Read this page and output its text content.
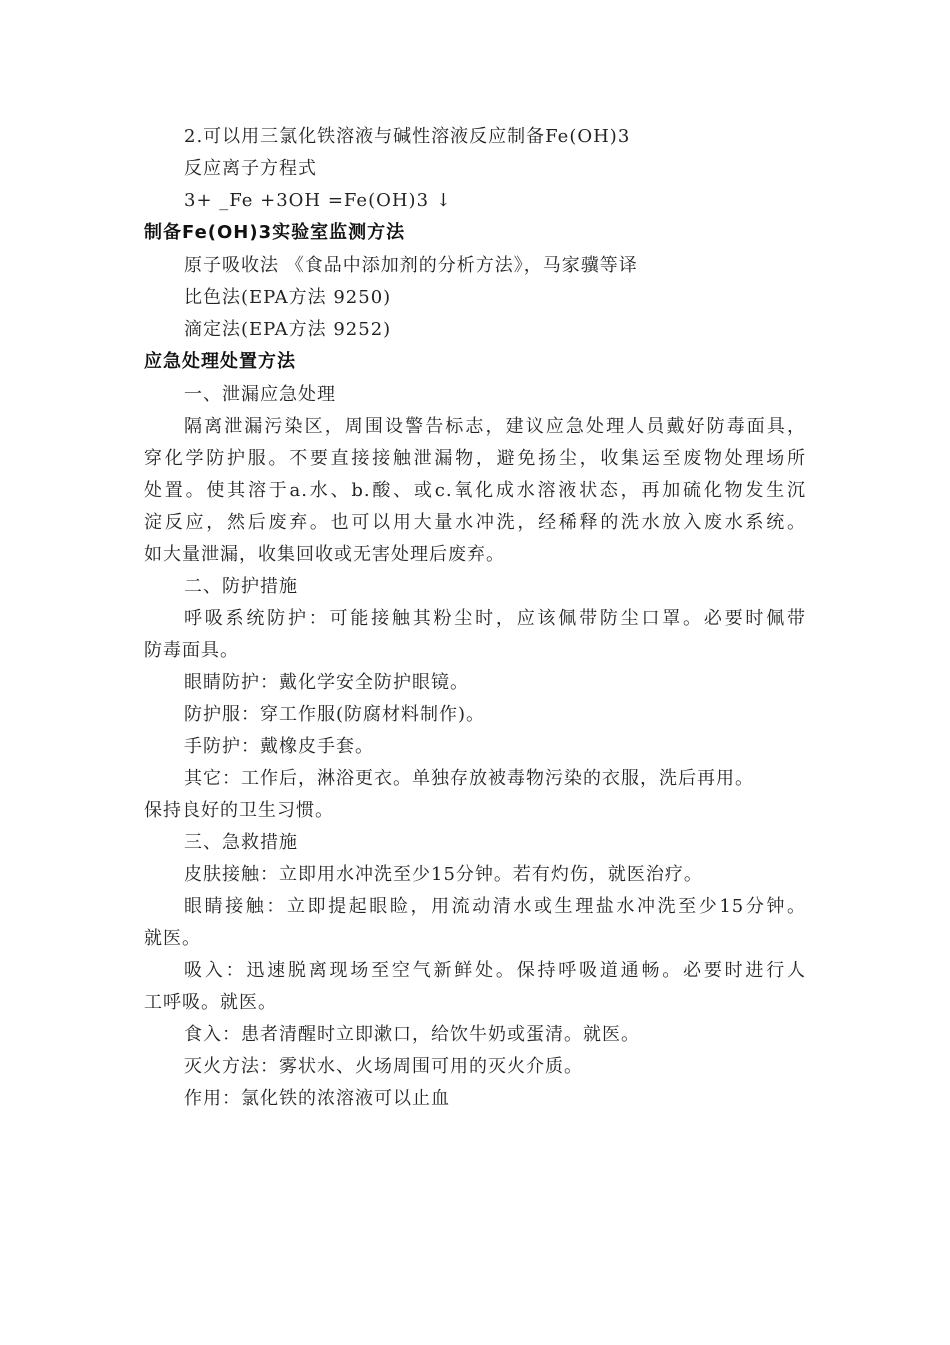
2.可以用三氯化铁溶液与碱性溶液反应制备Fe(OH)3
反应离子方程式
3+ _Fe +3OH =Fe(OH)3 ↓
制备Fe(OH)3实验室监测方法
原子吸收法 《食品中添加剂的分析方法》，马家骥等译
比色法(EPA方法 9250)
滴定法(EPA方法 9252)
应急处理处置方法
一、泄漏应急处理
隔离泄漏污染区，周围设警告标志，建议应急处理人员戴好防毒面具，
穿化学防护服。不要直接接触泄漏物，避免扬尘，收集运至废物处理场所
处置。使其溶于a.水、b.酸、或c.氧化成水溶液状态，再加硫化物发生沉
淀反应，然后废弃。也可以用大量水冲洗，经稀释的洗水放入废水系统。
如大量泄漏，收集回收或无害处理后废弃。
二、防护措施
呼吸系统防护：可能接触其粉尘时，应该佩带防尘口罩。必要时佩带
防毒面具。
眼睛防护：戴化学安全防护眼镜。
防护服：穿工作服(防腐材料制作)。
手防护：戴橡皮手套。
其它：工作后，淋浴更衣。单独存放被毒物污染的衣服，洗后再用。
保持良好的卫生习惯。
三、急救措施
皮肤接触：立即用水冲洗至少15分钟。若有灼伤，就医治疗。
眼睛接触：立即提起眼睑，用流动清水或生理盐水冲洗至少15分钟。
就医。
吸入：迅速脱离现场至空气新鲜处。保持呼吸道通畅。必要时进行人
工呼吸。就医。
食入：患者清醒时立即漱口，给饮牛奶或蛋清。就医。
灭火方法：雾状水、火场周围可用的灭火介质。
作用：氯化铁的浓溶液可以止血
